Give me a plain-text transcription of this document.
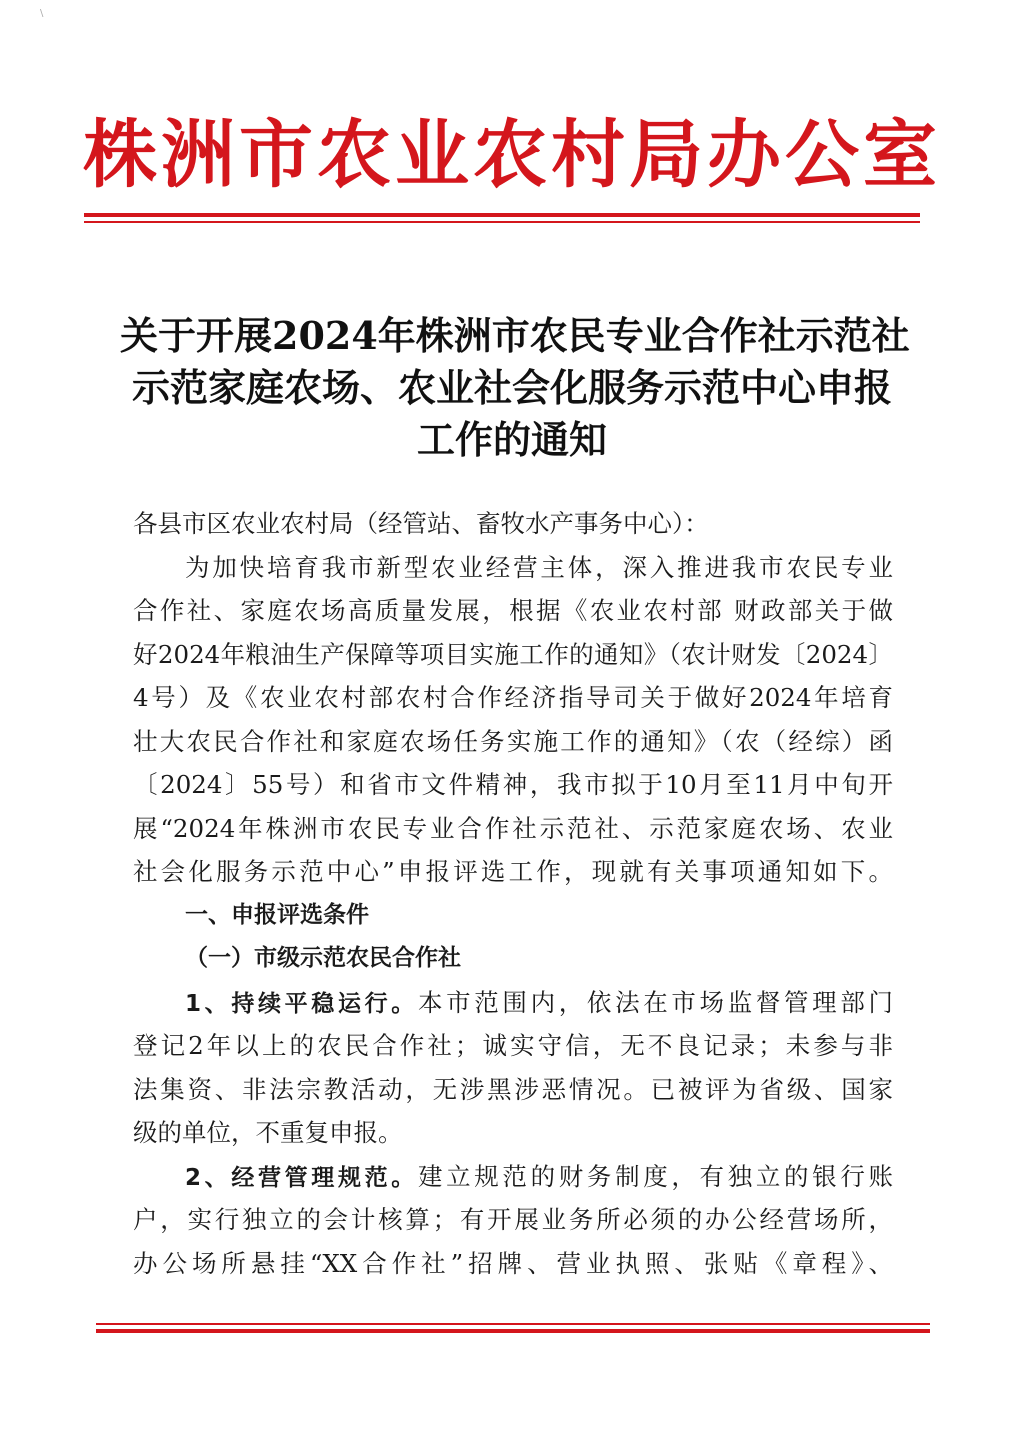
\
株洲市农业农村局办公室
关于开展2024年株洲市农民专业合作社示范社
示范家庭农场、农业社会化服务示范中心申报
工作的通知
各县市区农业农村局（经管站、畜牧水产事务中心）：
为加快培育我市新型农业经营主体，深入推进我市农民专业
合作社、家庭农场高质量发展，根据《农业农村部 财政部关于做
好2024年粮油生产保障等项目实施工作的通知》（农计财发〔2024〕
4号）及《农业农村部农村合作经济指导司关于做好2024年培育
壮大农民合作社和家庭农场任务实施工作的通知》（农（经综）函
〔2024〕55号）和省市文件精神，我市拟于10月至11月中旬开
展“2024年株洲市农民专业合作社示范社、示范家庭农场、农业
社会化服务示范中心”申报评选工作，现就有关事项通知如下。
一、申报评选条件
（一）市级示范农民合作社
1、持续平稳运行。本市范围内，依法在市场监督管理部门
登记2年以上的农民合作社；诚实守信，无不良记录；未参与非
法集资、非法宗教活动，无涉黑涉恶情况。已被评为省级、国家
级的单位，不重复申报。
2、经营管理规范。建立规范的财务制度，有独立的银行账
户，实行独立的会计核算；有开展业务所必须的办公经营场所，
办公场所悬挂“XX合作社”招牌、营业执照、张贴《章程》、
